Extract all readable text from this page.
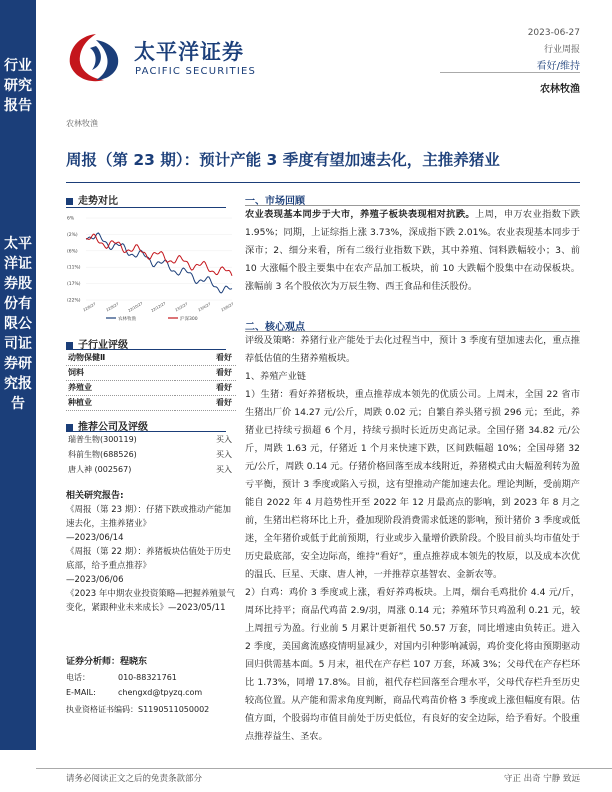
行业研究报告
太平洋证券股份有限公司证券研究报告
太平洋证券
PACIFIC SECURITIES
2023-06-27
行业周报
看好/维持
农林牧渔
农林牧渔
周报（第 23 期）：预计产能 3 季度有望加速去化，主推养猪业
走势对比
6%
(2%)
(6%)
(11%)
(17%)
(22%)
22/6/27 22/8/27 22/10/27 22/12/27 23/2/27 23/4/27 23/6/27
农林牧渔	沪深300
子行业评级
动物保健Ⅱ	看好
饲料	看好
养殖业	看好
种植业	看好
推荐公司及评级
瑞普生物(300119)	买入
科前生物(688526)	买入
唐人神 (002567)	买入
相关研究报告:

《周报（第 23 期）：仔猪下跌或推动产能加速去化，主推养猪业》

—2023/06/14

《周报（第 22 期）：养猪板块估值处于历史底部，给予重点推荐》

—2023/06/06

《2023 年中期农业投资策略—把握养殖景气变化，紧跟种业未来成长》—2023/05/11

证券分析师：程晓东
电话：	010-88321761
E-MAIL:	chengxd@tpyzq.com
执业资格证书编码：S1190511050002
一、市场回顾
农业表现基本同步于大市，养殖子板块表现相对抗跌。上周，申万农业指数下跌 1.95%；同期，上证综指上涨 3.73%，深成指下跌 2.01%。农业表现基本同步于深市；2、细分来看，所有二级行业指数下跌，其中养殖、饲料跌幅较小；3、前 10 大涨幅个股主要集中在农产品加工板块，前 10 大跌幅个股集中在动保板块。涨幅前 3 名个股依次为万辰生物、西王食品和佳沃股份。
二、核心观点
评级及策略：养猪行业产能处于去化过程当中，预计 3 季度有望加速去化，重点推荐低估值的生猪养殖板块。
1、养殖产业链
1）生猪：看好养猪板块，重点推荐成本领先的优质公司。上周末，全国 22 省市生猪出厂价 14.27 元/公斤，周跌 0.02 元；自繁自养头猪亏损 296 元；至此，养猪业已持续亏损超 6 个月，持续亏损时长近历史高记录。全国仔猪 34.82 元/公斤，周跌 1.63 元，仔猪近 1 个月来快速下跌，区间跌幅超 10%；全国母猪 32 元/公斤，周跌 0.14 元。仔猪价格回落至成本线附近，养猪模式由大幅盈利转为盈亏平衡，预计 3 季度或陷入亏损，这有望推动产能加速去化。理论判断，受前期产能自 2022 年 4 月趋势性开至 2022 年 12 月最高点的影响，到 2023 年 8 月之前，生猪出栏将环比上升，叠加现阶段消费需求低迷的影响，预计猪价 3 季度或低迷，全年猪价或低于此前预期，行业或步入量增价跌阶段。个股目前头均市值处于历史最底部，安全边际高，维持“看好”，重点推荐成本领先的牧原，以及成本次优的温氏、巨星、天康、唐人神，一并推荐京基智农、金新农等。
2）白鸡：鸡价 3 季度或上涨，看好养鸡板块。上周，烟台毛鸡批价 4.4 元/斤，周环比持平；商品代鸡苗 2.9/羽，周涨 0.14 元；养殖环节只鸡盈利 0.21 元，较上周扭亏为盈。行业前 5 月累计更新祖代 50.57 万套，同比增速由负转正。进入 2 季度，美国禽流感疫情明显减少，对国内引种影响减弱，鸡价变化将由预期驱动回归供需基本面。5 月末，祖代在产存栏 107 万套，环减 3%；父母代在产存栏环比 1.73%，同增 17.8%。目前，祖代存栏回落至合理水平，父母代存栏升至历史较高位置。从产能和需求角度判断，商品代鸡苗价格 3 季度或上涨但幅度有限。估值方面，个股弱均市值目前处于历史低位，有良好的安全边际，给予看好。个股重点推荐益生、圣农。
请务必阅读正文之后的免责条款部分	守正 出奇 宁静 致远
